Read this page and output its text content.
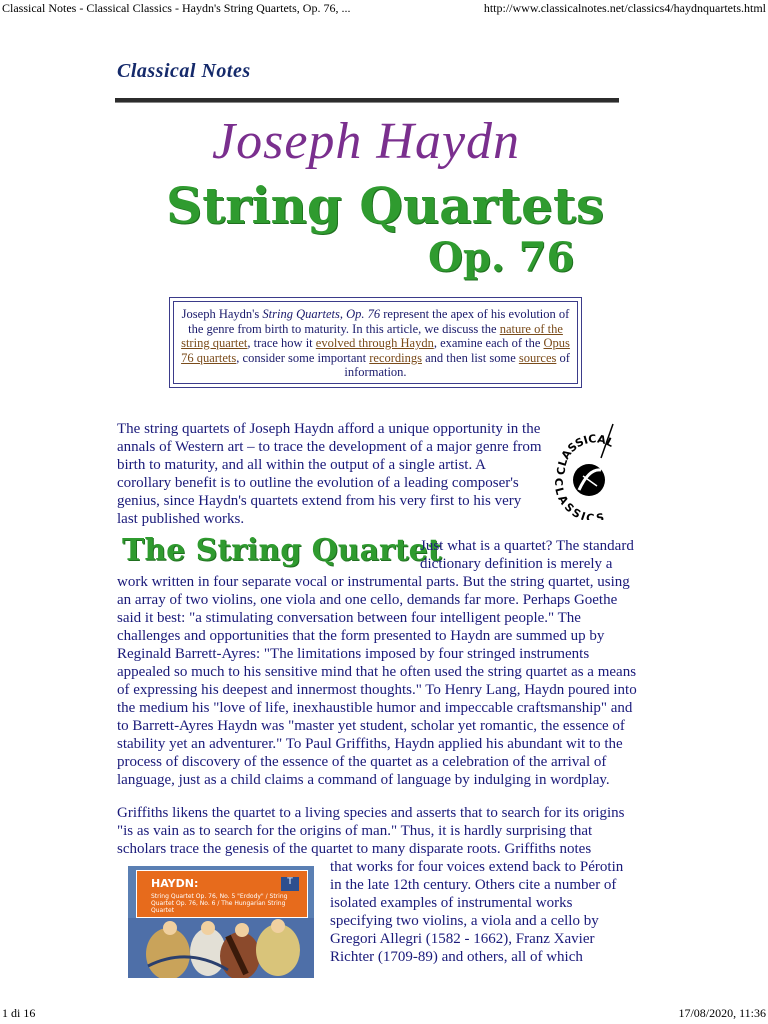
Classical Notes - Classical Classics - Haydn's String Quartets, Op. 76, ...	http://www.classicalnotes.net/classics4/haydnquartets.html
Classical Notes
Joseph Haydn
String Quartets
Op. 76
Joseph Haydn's String Quartets, Op. 76 represent the apex of his evolution of the genre from birth to maturity. In this article, we discuss the nature of the string quartet, trace how it evolved through Haydn, examine each of the Opus 76 quartets, consider some important recordings and then list some sources of information.
The string quartets of Joseph Haydn afford a unique opportunity in the annals of Western art – to trace the development of a major genre from birth to maturity, and all within the output of a single artist. A corollary benefit is to outline the evolution of a leading composer's genius, since Haydn's quartets extend from his very first to his very last published works.
CLASSICAL
CLASSICS
The String Quartet
Just what is a quartet? The standard dictionary definition is merely a work written in four separate vocal or instrumental parts. But the string quartet, using an array of two violins, one viola and one cello, demands far more. Perhaps Goethe said it best: "a stimulating conversation between four intelligent people." The challenges and opportunities that the form presented to Haydn are summed up by Reginald Barrett-Ayres: "The limitations imposed by four stringed instruments appealed so much to his sensitive mind that he often used the string quartet as a means of expressing his deepest and innermost thoughts." To Henry Lang, Haydn poured into the medium his "love of life, inexhaustible humor and impeccable craftsmanship" and to Barrett-Ayres Haydn was "master yet student, scholar yet romantic, the essence of stability yet an adventurer." To Paul Griffiths, Haydn applied his abundant wit to the process of discovery of the essence of the quartet as a celebration of the arrival of language, just as a child claims a command of language by indulging in wordplay.
Griffiths likens the quartet to a living species and asserts that to search for its origins "is as vain as to search for the origins of man." Thus, it is hardly surprising that scholars trace the genesis of the quartet to many disparate roots. Griffiths notes
HAYDN:
String Quartet Op. 76, No. 5 "Erdody" / String Quartet Op. 76, No. 6 / The Hungarian String Quartet
T
that works for four voices extend back to Pérotin in the late 12th century. Others cite a number of isolated examples of instrumental works specifying two violins, a viola and a cello by Gregori Allegri (1582 - 1662), Franz Xavier Richter (1709-89) and others, all of which
1 di 16	17/08/2020, 11:36
